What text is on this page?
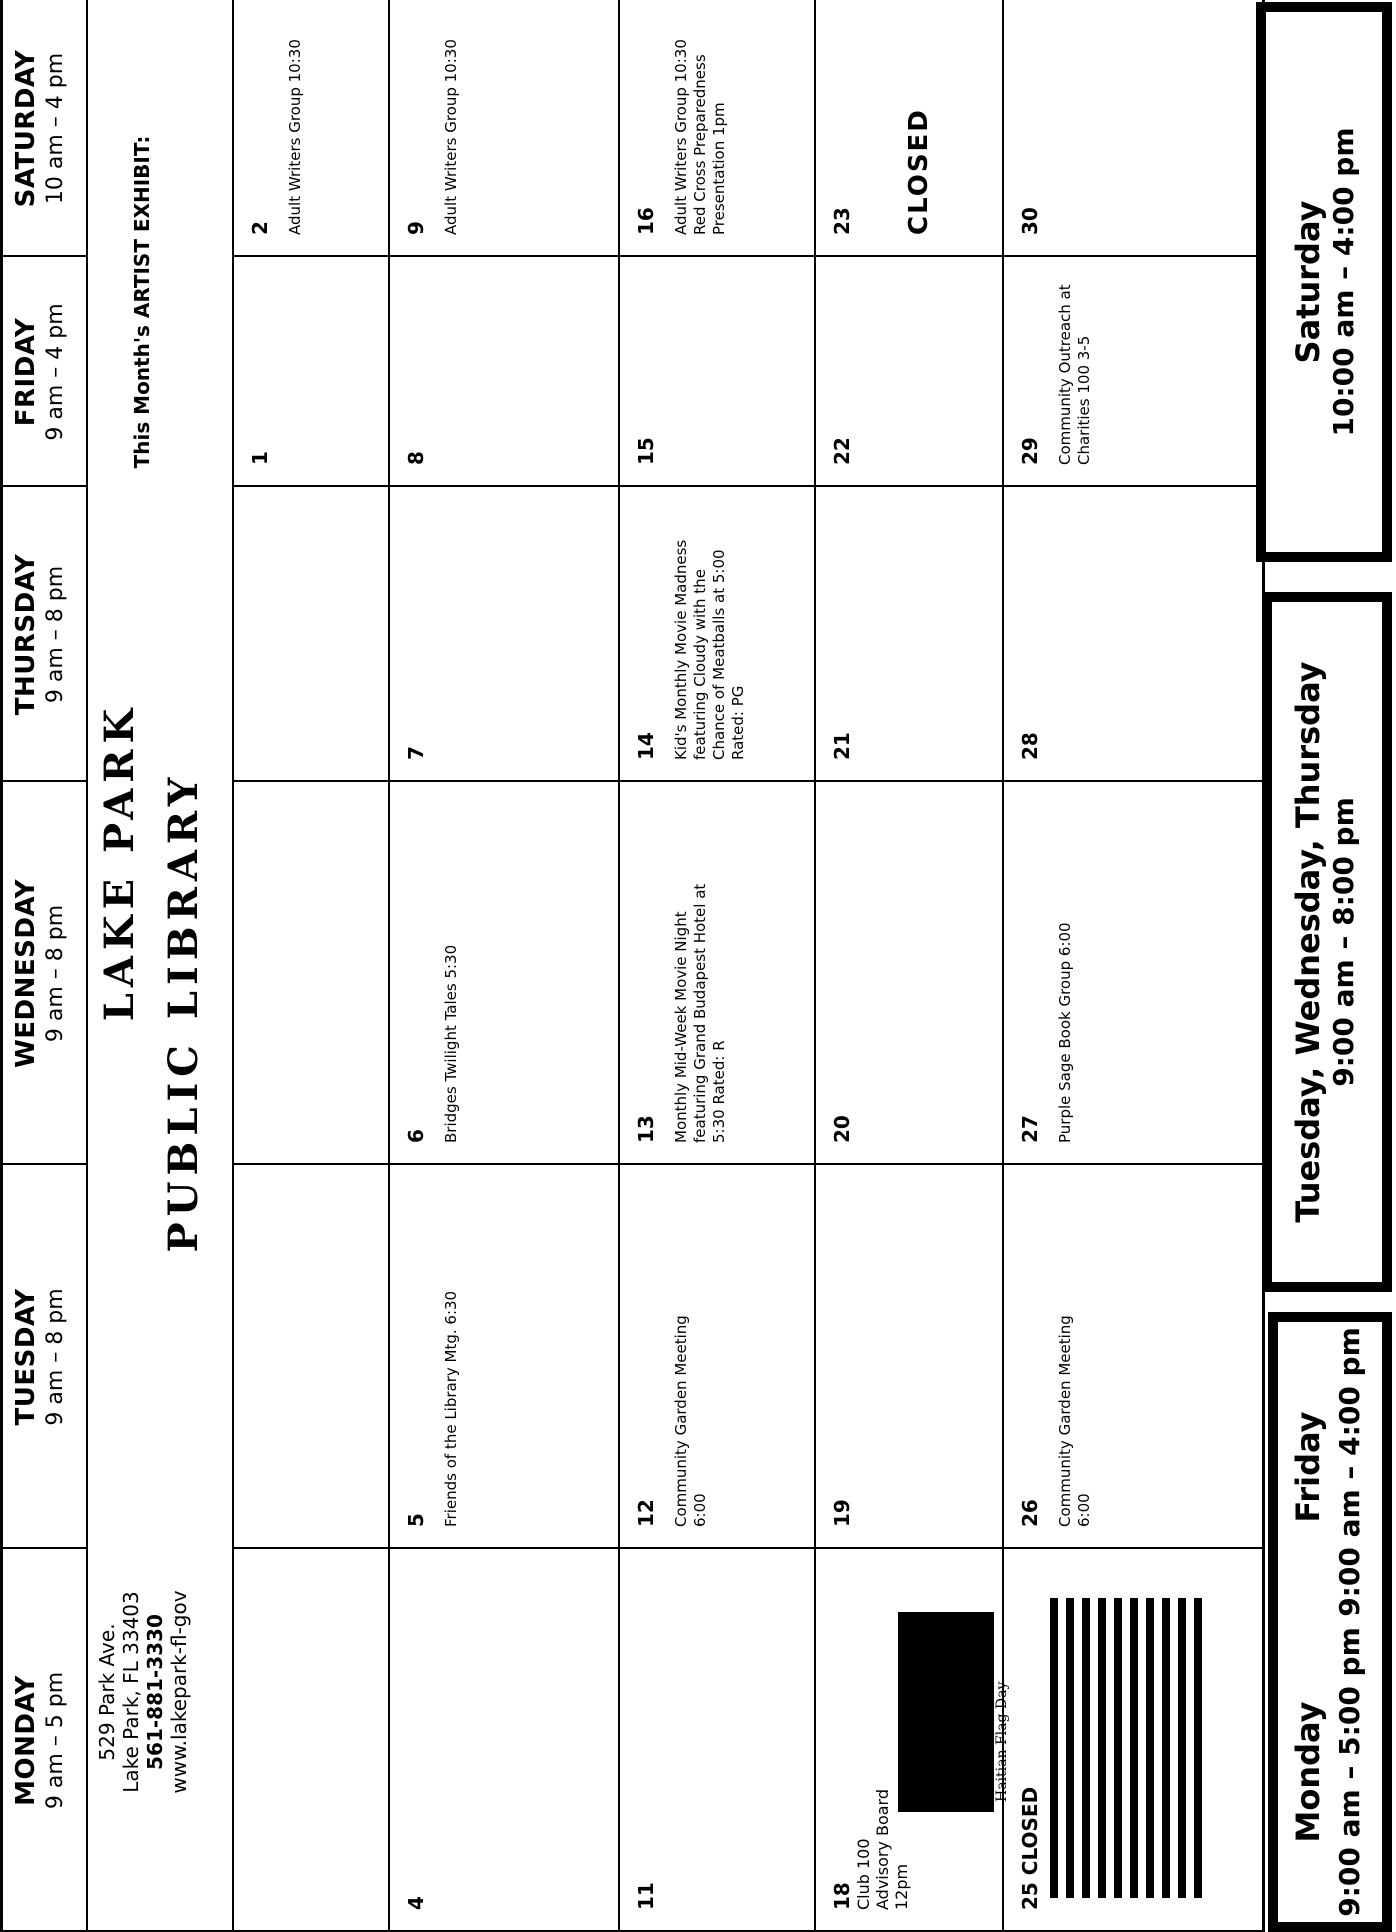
MONDAY 9 am – 5 pm
TUESDAY 9 am – 8 pm
WEDNESDAY 9 am – 8 pm
THURSDAY 9 am – 8 pm
FRIDAY 9 am – 4 pm
SATURDAY 10 am – 4 pm
529 Park Ave. Lake Park, FL 33403 561-881-3330 www.lakepark-fl-gov
LAKE PARK PUBLIC LIBRARY
This Month's ARTIST EXHIBIT:	1
2 Adult Writers Group 10:30
4
5 Friends of the Library Mtg. 6:30
6 Bridges Twilight Tales 5:30
7
8
9 Adult Writers Group 10:30
11
12 Community Garden Meeting 6:00
13 Monthly Mid-Week Movie Night featuring Grand Budapest Hotel at 5:30 Rated: R
14 Kid's Monthly Movie Madness featuring Cloudy with the Chance of Meatballs at 5:00 Rated: PG
15
16 Adult Writers Group 10:30 Red Cross Preparedness Presentation 1pm
18 Club 100 Advisory Board 12pm
Haitian Flag Day
19
20
21
22
23 CLOSED
25 CLOSED
26 Community Garden Meeting 6:00
27 Purple Sage Book Group 6:00
28
29 Community Outreach at Charities 100 3-5
30
Monday 9:00 am – 5:00 pm
Friday 9:00 am – 4:00 pm
Tuesday, Wednesday, Thursday 9:00 am – 8:00 pm
Saturday 10:00 am – 4:00 pm
